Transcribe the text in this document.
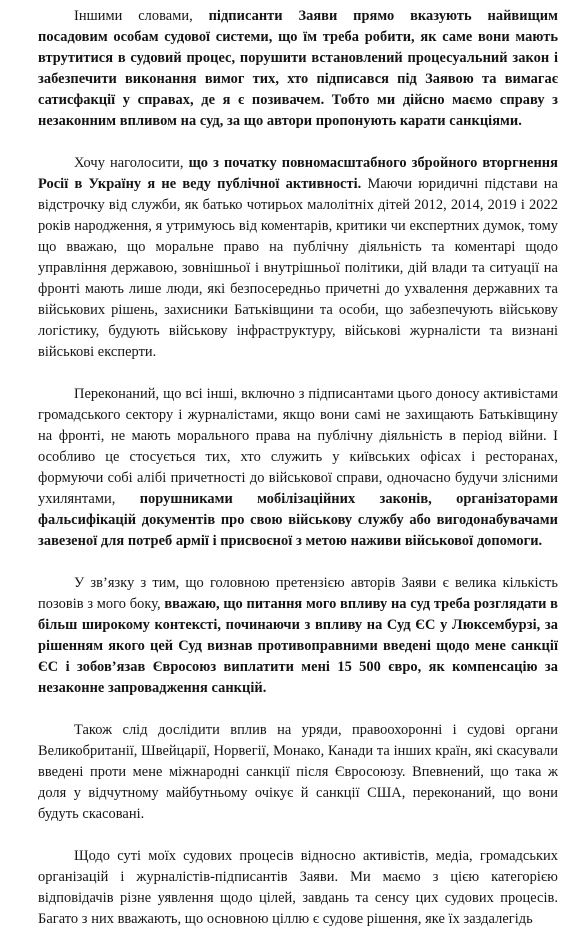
Іншими словами, підписанти Заяви прямо вказують найвищим посадовим особам судової системи, що їм треба робити, як саме вони мають втрутитися в судовий процес, порушити встановлений процесуальний закон і забезпечити виконання вимог тих, хто підписався під Заявою та вимагає сатисфакції у справах, де я є позивачем. Тобто ми дійсно маємо справу з незаконним впливом на суд, за що автори пропонують карати санкціями.

Хочу наголосити, що з початку повномасштабного збройного вторгнення Росії в Україну я не веду публічної активності. Маючи юридичні підстави на відстрочку від служби, як батько чотирьох малолітніх дітей 2012, 2014, 2019 і 2022 років народження, я утримуюсь від коментарів, критики чи експертних думок, тому що вважаю, що моральне право на публічну діяльність та коментарі щодо управління державою, зовнішньої і внутрішньої політики, дій влади та ситуації на фронті мають лише люди, які безпосередньо причетні до ухвалення державних та військових рішень, захисники Батьківщини та особи, що забезпечують військову логістику, будують військову інфраструктуру, військові журналісти та визнані військові експерти.

Переконаний, що всі інші, включно з підписантами цього доносу активістами громадського сектору і журналістами, якщо вони самі не захищають Батьківщину на фронті, не мають морального права на публічну діяльність в період війни. І особливо це стосується тих, хто служить у київських офісах і ресторанах, формуючи собі алібі причетності до військової справи, одночасно будучи злісними ухилянтами, порушниками мобілізаційних законів, організаторами фальсифікацій документів про свою військову службу або вигодонабувачами завезеної для потреб армії і присвоєної з метою наживи військової допомоги.

У зв’язку з тим, що головною претензією авторів Заяви є велика кількість позовів з мого боку, вважаю, що питання мого впливу на суд треба розглядати в більш широкому контексті, починаючи з впливу на Суд ЄС у Люксембурзі, за рішенням якого цей Суд визнав противоправними введені щодо мене санкції ЄС і зобов’язав Євросоюз виплатити мені 15 500 євро, як компенсацію за незаконне запровадження санкцій.

Також слід дослідити вплив на уряди, правоохоронні і судові органи Великобританії, Швейцарії, Норвегії, Монако, Канади та інших країн, які скасували введені проти мене міжнародні санкції після Євросоюзу. Впевнений, що така ж доля у відчутному майбутньому очікує й санкції США, переконаний, що вони будуть скасовані.

Щодо суті моїх судових процесів відносно активістів, медіа, громадських організацій і журналістів-підписантів Заяви. Ми маємо з цією категорією відповідачів різне уявлення щодо цілей, завдань та сенсу цих судових процесів. Багато з них вважають, що основною ціллю є судове рішення, яке їх заздалегідь
